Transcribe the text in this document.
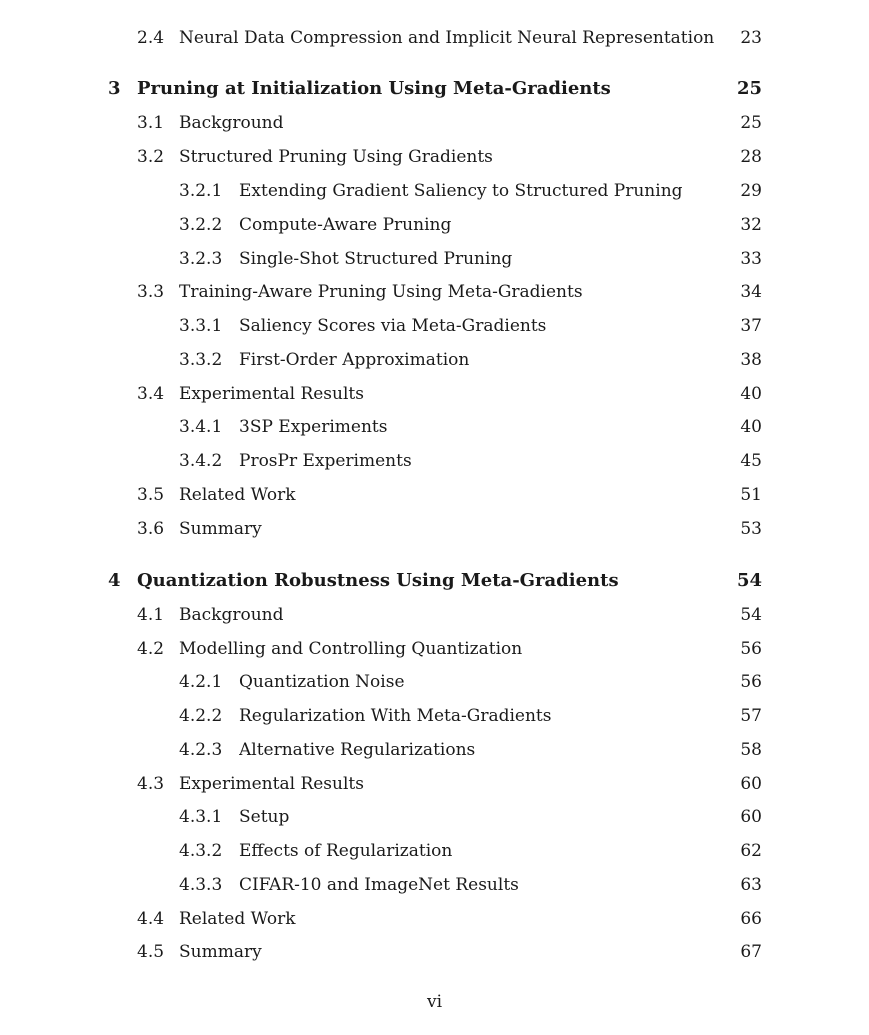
2.4 Neural Data Compression and Implicit Neural Representation	23
3 Pruning at Initialization Using Meta-Gradients	25
3.1 Background	25
3.2 Structured Pruning Using Gradients	28
3.2.1 Extending Gradient Saliency to Structured Pruning	29
3.2.2 Compute-Aware Pruning	32
3.2.3 Single-Shot Structured Pruning	33
3.3 Training-Aware Pruning Using Meta-Gradients	34
3.3.1 Saliency Scores via Meta-Gradients	37
3.3.2 First-Order Approximation	38
3.4 Experimental Results	40
3.4.1 3SP Experiments	40
3.4.2 ProsPr Experiments	45
3.5 Related Work	51
3.6 Summary	53
4 Quantization Robustness Using Meta-Gradients	54
4.1 Background	54
4.2 Modelling and Controlling Quantization	56
4.2.1 Quantization Noise	56
4.2.2 Regularization With Meta-Gradients	57
4.2.3 Alternative Regularizations	58
4.3 Experimental Results	60
4.3.1 Setup	60
4.3.2 Effects of Regularization	62
4.3.3 CIFAR-10 and ImageNet Results	63
4.4 Related Work	66
4.5 Summary	67
vi
